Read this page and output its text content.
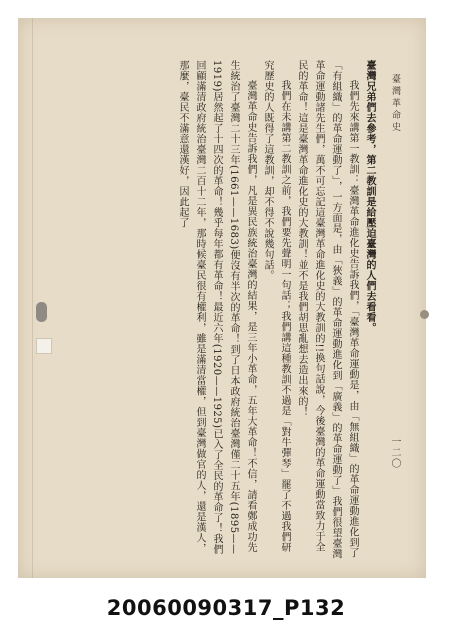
臺灣革命史
一二〇

臺灣兄弟們去參考，第二教訓是給壓迫臺灣的人們去看看。

我們先來講第一教訓：臺灣革命進化史告訴我們，「臺灣革命運動是，由「無組織」的革命運動進化到了「有組織」的革命運動了」，一方面是，由「狹義」的革命運動進化到「廣義」的革命運動了」我們很望臺灣革命運動諸先生們，萬不可忘記這臺灣革命進化史的大教訓的!!換句話說，今後臺灣的革命運動當致力于全民的革命！這是臺灣革命進化史的大教訓！並不是我們胡思亂想去造出來的！

我們在未講第二教訓之前，我們要先聲明一句話；我們講這種教訓不過是「對牛彈琴」罷了不過我們研究歷史的人既得了這教訓，却不得不說幾句話。

臺灣革命史告訴我們，凡是異民族統治臺灣的結果，是三年小革命，五年大革命！不信，請看鄭成功先生統治了臺灣二十三年(1661——1683)便沒有半次的革命！到了日本政府統治臺灣僅二十五年(1895——1919)居然起了十四次的革命！幾乎每年都有革命！最近六年(1920——1925)已入了全民的革命了！我們回顧滿清政府統治臺灣二百十二年，那時候臺民很有權利，雖是滿清當權，但到臺灣做官的人，還是漢人，那麼，臺民不滿意還漢好，因此起了

20060090317_P132
